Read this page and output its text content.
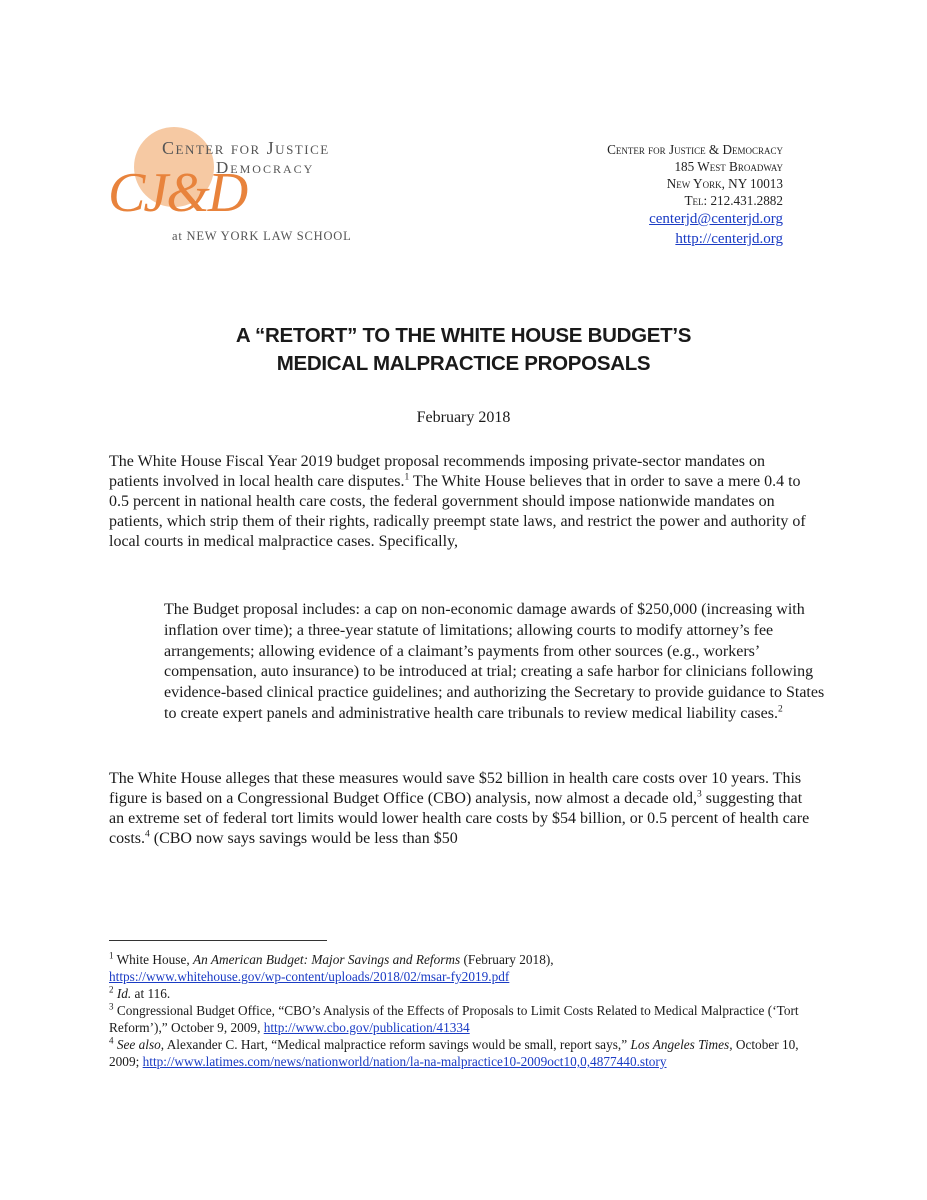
Center for Justice
Democracy
CJ&D
at NEW YORK LAW SCHOOL
Center for Justice & Democracy
185 West Broadway
New York, NY 10013
Tel: 212.431.2882
centerjd@centerjd.org
http://centerjd.org
A “RETORT” TO THE WHITE HOUSE BUDGET’S
MEDICAL MALPRACTICE PROPOSALS
February 2018

The White House Fiscal Year 2019 budget proposal recommends imposing private-sector mandates on patients involved in local health care disputes.$^1$ The White House believes that in order to save a mere 0.4 to 0.5 percent in national health care costs, the federal government should impose nationwide mandates on patients, which strip them of their rights, radically preempt state laws, and restrict the power and authority of local courts in medical malpractice cases. Specifically,

The Budget proposal includes: a cap on non-economic damage awards of $250,000 (increasing with inflation over time); a three-year statute of limitations; allowing courts to modify attorney’s fee arrangements; allowing evidence of a claimant’s payments from other sources (e.g., workers’ compensation, auto insurance) to be introduced at trial; creating a safe harbor for clinicians following evidence-based clinical practice guidelines; and authorizing the Secretary to provide guidance to States to create expert panels and administrative health care tribunals to review medical liability cases.$^2$

The White House alleges that these measures would save $52 billion in health care costs over 10 years. This figure is based on a Congressional Budget Office (CBO) analysis, now almost a decade old,$^3$ suggesting that an extreme set of federal tort limits would lower health care costs by $54 billion, or 0.5 percent of health care costs.$^4$ (CBO now says savings would be less than $50

$^1$ White House, An American Budget: Major Savings and Reforms (February 2018),
https://www.whitehouse.gov/wp-content/uploads/2018/02/msar-fy2019.pdf

$^2$ Id. at 116.

$^3$ Congressional Budget Office, “CBO’s Analysis of the Effects of Proposals to Limit Costs Related to Medical Malpractice (‘Tort Reform’),” October 9, 2009, http://www.cbo.gov/publication/41334

$^4$ See also, Alexander C. Hart, “Medical malpractice reform savings would be small, report says,” Los Angeles Times, October 10, 2009; http://www.latimes.com/news/nationworld/nation/la-na-malpractice10-2009oct10,0,4877440.story
